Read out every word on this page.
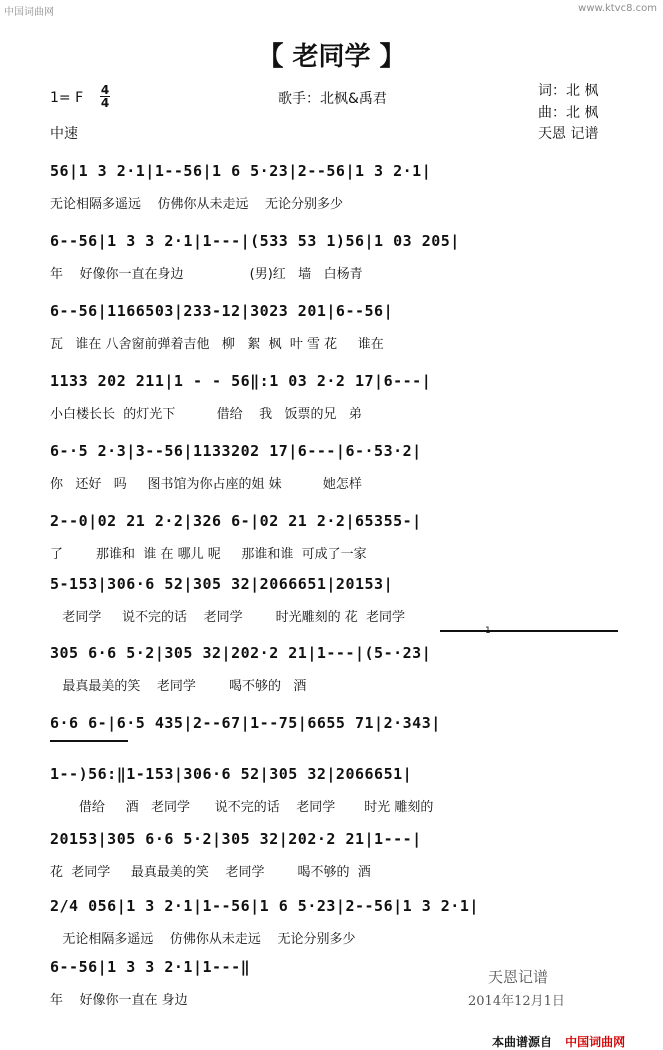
中国词曲网	www.ktvc8.com
【 老同学 】
1= F 4
4
中速
歌手：北枫&禹君	词：北 枫
曲：北 枫
天恩 记谱
56|1 3 2·1|1--56|1 6 5·23|2--56|1 3 2·1|
无论相隔多遥远    仿佛你从未走远    无论分别多少
6--56|1 3 3 2·1|1---|(533 53 1)56|1 03 205|
年    好像你一直在身边                (男)红   墙   白杨青
6--56|1166503|233-12|3023 201|6--56|
瓦   谁在 八舍窗前弹着吉他   柳   絮  枫  叶 雪 花     谁在
1133 202 211|1 - - 56‖:1 03 2·2 17|6---|
小白楼长长  的灯光下          借给    我   饭票的兄   弟
6-·5 2·3|3--56|1133202 17|6---|6-·53·2|
你   还好   吗     图书馆为你占座的姐 妹          她怎样
2--0|02 21 2·2|326 6-|02 21 2·2|65355-|
了        那谁和  谁 在 哪儿 呢     那谁和谁  可成了一家
5-153|306·6 52|305 32|2066651|20153|
老同学     说不完的话    老同学        时光雕刻的 花  老同学
1
305 6·6 5·2|305 32|202·2 21|1---|(5-·23|
最真最美的笑    老同学        喝不够的   酒
6·6 6-|6·5 435|2--67|1--75|6655 71|2·343|
1--)56:‖1-153|306·6 52|305 32|2066651|
借给     酒   老同学      说不完的话    老同学       时光 雕刻的
20153|305 6·6 5·2|305 32|202·2 21|1---|
花  老同学     最真最美的笑    老同学        喝不够的  酒
2/4 056|1 3 2·1|1--56|1 6 5·23|2--56|1 3 2·1|
无论相隔多遥远    仿佛你从未走远    无论分别多少
6--56|1 3 3 2·1|1---‖
年    好像你一直在 身边
天恩记谱
2014年12月1日
本曲谱源自 中国词曲网
